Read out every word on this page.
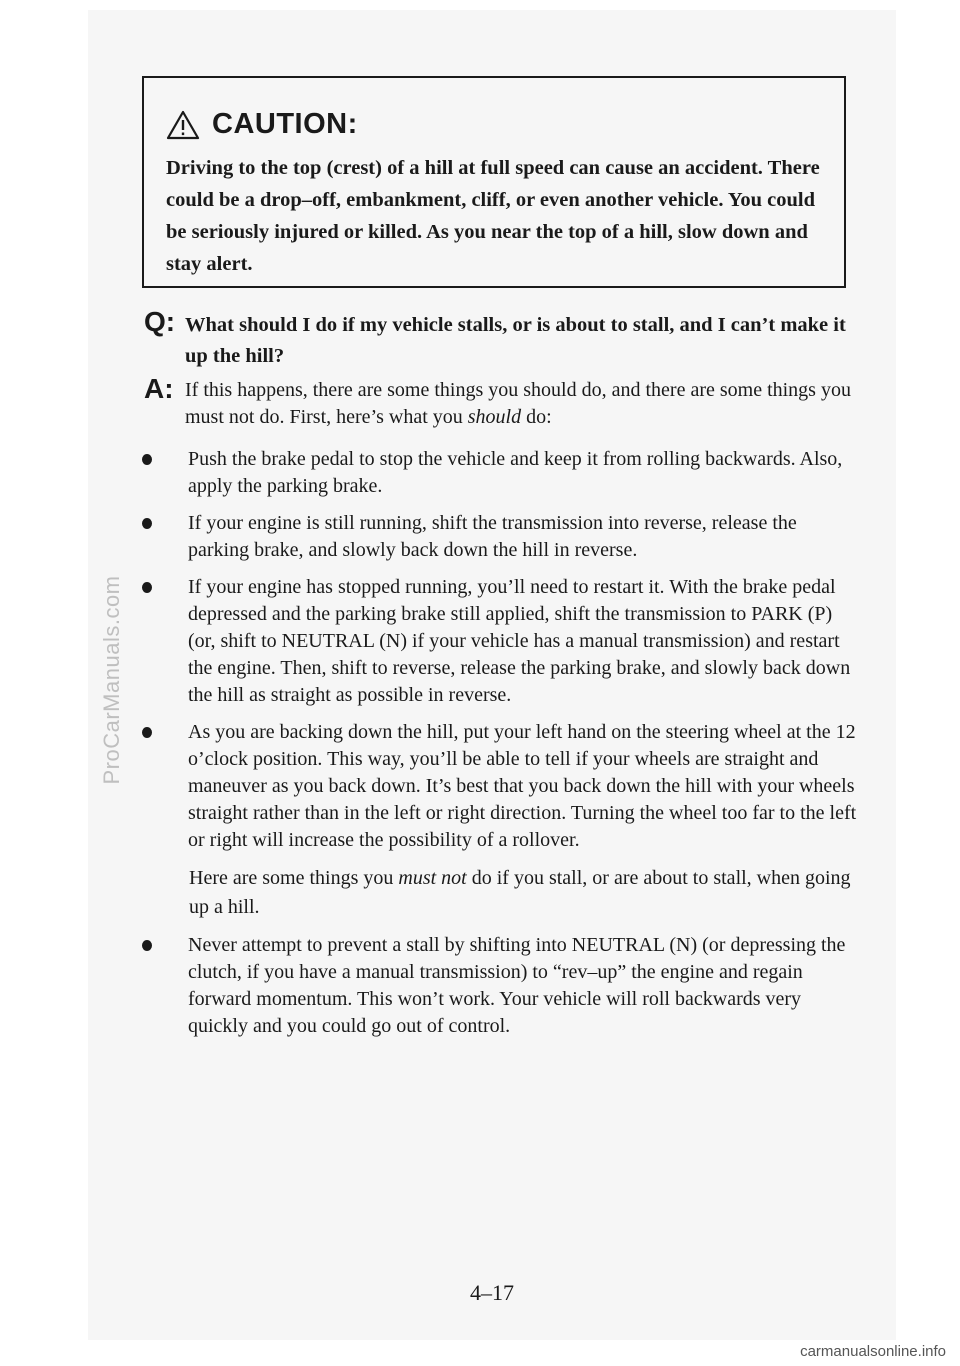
CAUTION:
Driving to the top (crest) of a hill at full speed can cause an accident. There could be a drop–off, embankment, cliff, or even another vehicle. You could be seriously injured or killed. As you near the top of a hill, slow down and stay alert.
Q: What should I do if my vehicle stalls, or is about to stall, and I can’t make it up the hill?
A: If this happens, there are some things you should do, and there are some things you must not do. First, here’s what you should do:
Push the brake pedal to stop the vehicle and keep it from rolling backwards. Also, apply the parking brake.
If your engine is still running, shift the transmission into reverse, release the parking brake, and slowly back down the hill in reverse.
If your engine has stopped running, you’ll need to restart it. With the brake pedal depressed and the parking brake still applied, shift the transmission to PARK (P) (or, shift to NEUTRAL (N) if your vehicle has a manual transmission) and restart the engine. Then, shift to reverse, release the parking brake, and slowly back down the hill as straight as possible in reverse.
As you are backing down the hill, put your left hand on the steering wheel at the 12 o’clock position. This way, you’ll be able to tell if your wheels are straight and maneuver as you back down. It’s best that you back down the hill with your wheels straight rather than in the left or right direction. Turning the wheel too far to the left or right will increase the possibility of a rollover.
Here are some things you must not do if you stall, or are about to stall, when going up a hill.
Never attempt to prevent a stall by shifting into NEUTRAL (N) (or depressing the clutch, if you have a manual transmission) to “rev–up” the engine and regain forward momentum. This won’t work. Your vehicle will roll backwards very quickly and you could go out of control.
4–17
ProCarManuals.com
carmanualsonline.info
